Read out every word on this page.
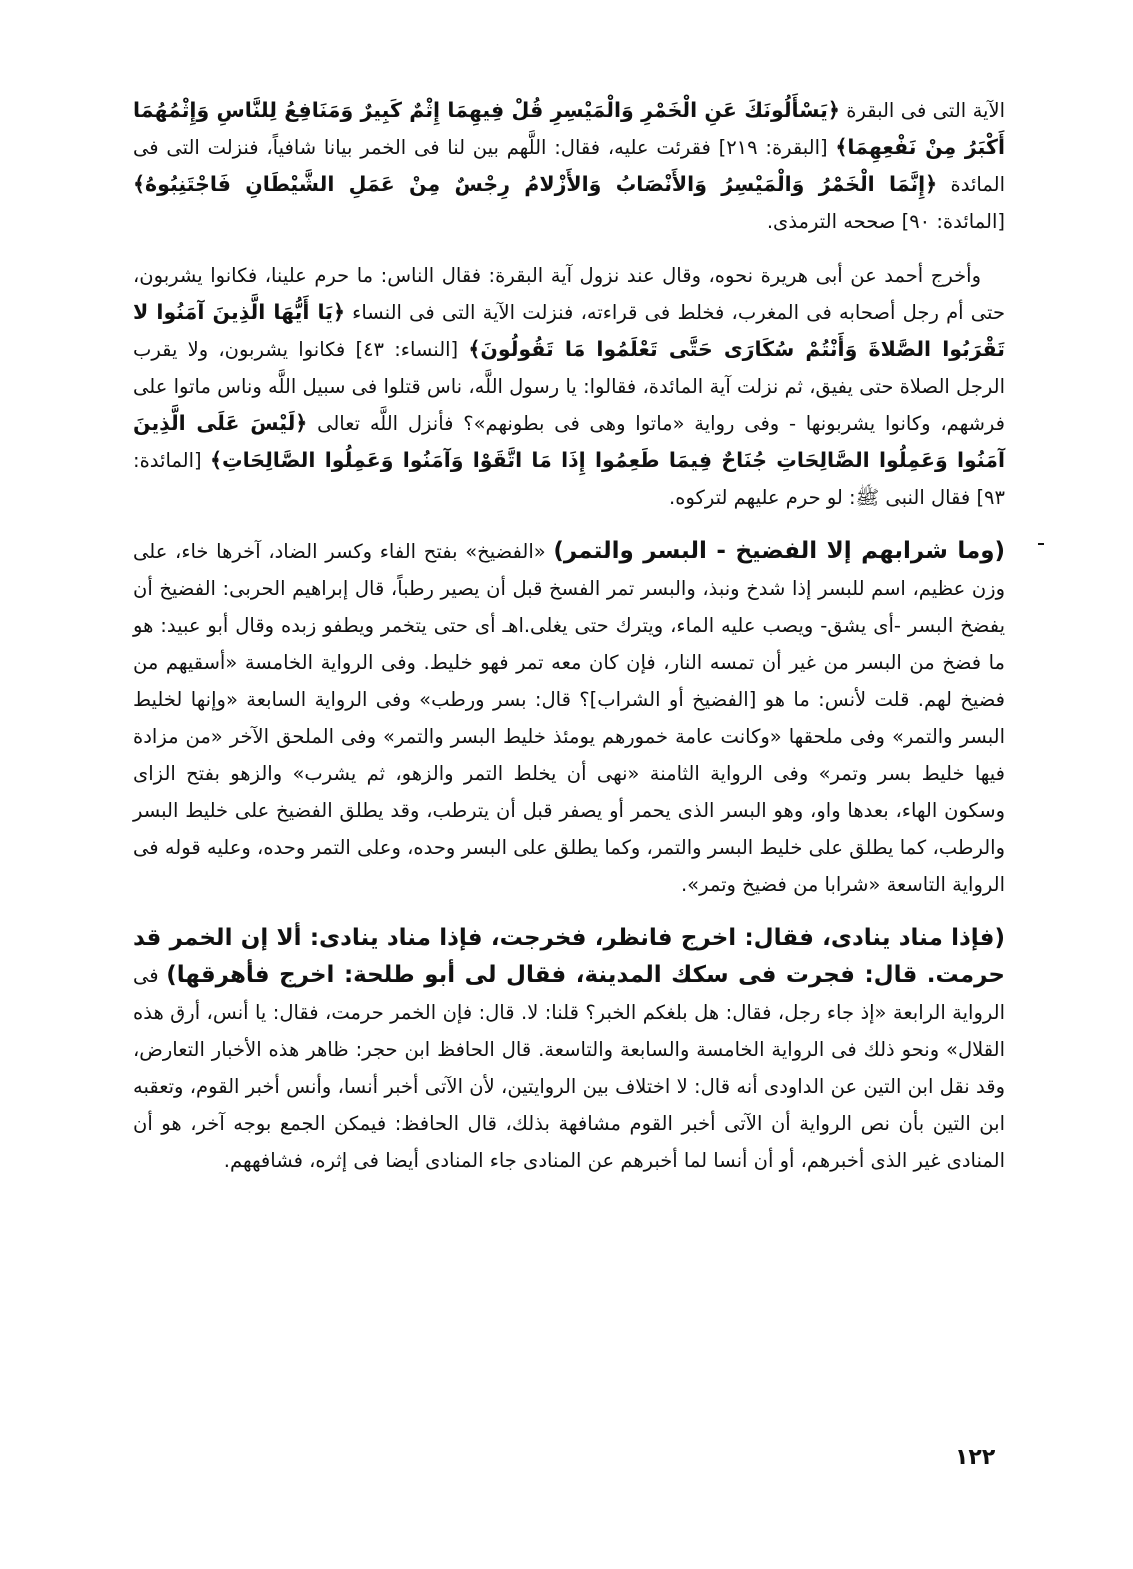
الآية التى فى البقرة ﴿يَسْأَلُونَكَ عَنِ الْخَمْرِ وَالْمَيْسِرِ قُلْ فِيهِمَا إِثْمٌ كَبِيرٌ وَمَنَافِعُ لِلنَّاسِ وَإِثْمُهُمَا أَكْبَرُ مِنْ نَفْعِهِمَا﴾ [البقرة: ٢١٩] فقرئت عليه، فقال: اللَّهم بين لنا فى الخمر بيانا شافياً، فنزلت التى فى المائدة ﴿إِنَّمَا الْخَمْرُ وَالْمَيْسِرُ وَالأَنْصَابُ وَالأَزْلامُ رِجْسٌ مِنْ عَمَلِ الشَّيْطَانِ فَاجْتَنِبُوهُ﴾ [المائدة: ٩٠] صححه الترمذى.

وأخرج أحمد عن أبى هريرة نحوه، وقال عند نزول آية البقرة: فقال الناس: ما حرم علينا، فكانوا يشربون، حتى أم رجل أصحابه فى المغرب، فخلط فى قراءته، فنزلت الآية التى فى النساء ﴿يَا أَيُّهَا الَّذِينَ آمَنُوا لا تَقْرَبُوا الصَّلاةَ وَأَنْتُمْ سُكَارَى حَتَّى تَعْلَمُوا مَا تَقُولُونَ﴾ [النساء: ٤٣] فكانوا يشربون، ولا يقرب الرجل الصلاة حتى يفيق، ثم نزلت آية المائدة، فقالوا: يا رسول اللَّه، ناس قتلوا فى سبيل اللَّه وناس ماتوا على فرشهم، وكانوا يشربونها - وفى رواية «ماتوا وهى فى بطونهم»؟ فأنزل اللَّه تعالى ﴿لَيْسَ عَلَى الَّذِينَ آمَنُوا وَعَمِلُوا الصَّالِحَاتِ جُنَاحٌ فِيمَا طَعِمُوا إِذَا مَا اتَّقَوْا وَآمَنُوا وَعَمِلُوا الصَّالِحَاتِ﴾ [المائدة: ٩٣] فقال النبى ﷺ: لو حرم عليهم لتركوه.

(وما شرابهم إلا الفضيخ - البسر والتمر) «الفضيخ» بفتح الفاء وكسر الضاد، آخرها خاء، على وزن عظيم، اسم للبسر إذا شدخ ونبذ، والبسر تمر الفسخ قبل أن يصير رطباً، قال إبراهيم الحربى: الفضيخ أن يفضخ البسر -أى يشق- ويصب عليه الماء، ويترك حتى يغلى.اهـ أى حتى يتخمر ويطفو زبده وقال أبو عبيد: هو ما فضخ من البسر من غير أن تمسه النار، فإن كان معه تمر فهو خليط. وفى الرواية الخامسة «أسقيهم من فضيخ لهم. قلت لأنس: ما هو [الفضيخ أو الشراب]؟ قال: بسر ورطب» وفى الرواية السابعة «وإنها لخليط البسر والتمر» وفى ملحقها «وكانت عامة خمورهم يومئذ خليط البسر والتمر» وفى الملحق الآخر «من مزادة فيها خليط بسر وتمر» وفى الرواية الثامنة «نهى أن يخلط التمر والزهو، ثم يشرب» والزهو بفتح الزاى وسكون الهاء، بعدها واو، وهو البسر الذى يحمر أو يصفر قبل أن يترطب، وقد يطلق الفضيخ على خليط البسر والرطب، كما يطلق على خليط البسر والتمر، وكما يطلق على البسر وحده، وعلى التمر وحده، وعليه قوله فى الرواية التاسعة «شرابا من فضيخ وتمر».

(فإذا مناد ينادى، فقال: اخرج فانظر، فخرجت، فإذا مناد ينادى: ألا إن الخمر قد حرمت. قال: فجرت فى سكك المدينة، فقال لى أبو طلحة: اخرج فأهرقها) فى الرواية الرابعة «إذ جاء رجل، فقال: هل بلغكم الخبر؟ قلنا: لا. قال: فإن الخمر حرمت، فقال: يا أنس، أرق هذه القلال» ونحو ذلك فى الرواية الخامسة والسابعة والتاسعة. قال الحافظ ابن حجر: ظاهر هذه الأخبار التعارض، وقد نقل ابن التين عن الداودى أنه قال: لا اختلاف بين الروايتين، لأن الآتى أخبر أنسا، وأنس أخبر القوم، وتعقبه ابن التين بأن نص الرواية أن الآتى أخبر القوم مشافهة بذلك، قال الحافظ: فيمكن الجمع بوجه آخر، هو أن المنادى غير الذى أخبرهم، أو أن أنسا لما أخبرهم عن المنادى جاء المنادى أيضا فى إثره، فشافههم.

١٢٢
